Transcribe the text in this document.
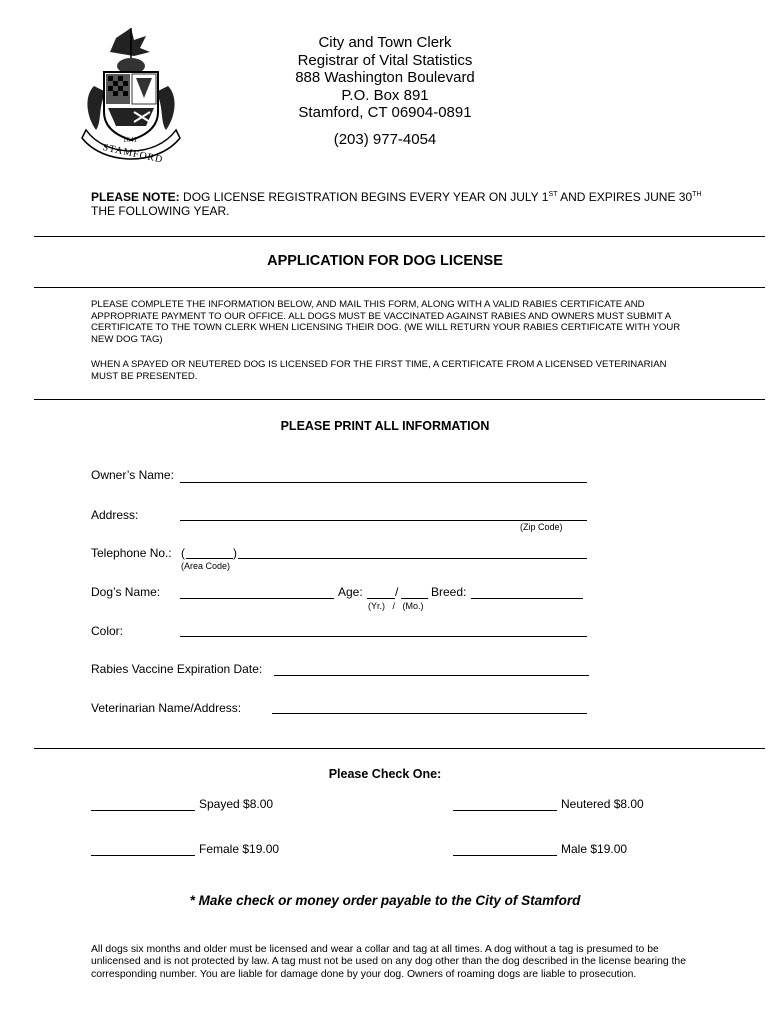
1641
STAMFORD
City and Town Clerk
Registrar of Vital Statistics
888 Washington Boulevard
P.O. Box 891
Stamford, CT 06904-0891
(203) 977-4054
PLEASE NOTE: DOG LICENSE REGISTRATION BEGINS EVERY YEAR ON JULY 1ST AND EXPIRES JUNE 30TH THE FOLLOWING YEAR.
APPLICATION FOR DOG LICENSE
PLEASE COMPLETE THE INFORMATION BELOW, AND MAIL THIS FORM, ALONG WITH A VALID RABIES CERTIFICATE AND APPROPRIATE PAYMENT TO OUR OFFICE. ALL DOGS MUST BE VACCINATED AGAINST RABIES AND OWNERS MUST SUBMIT A CERTIFICATE TO THE TOWN CLERK WHEN LICENSING THEIR DOG. (WE WILL RETURN YOUR RABIES CERTIFICATE WITH YOUR NEW DOG TAG)
WHEN A SPAYED OR NEUTERED DOG IS LICENSED FOR THE FIRST TIME, A CERTIFICATE FROM A LICENSED VETERINARIAN MUST BE PRESENTED.
PLEASE PRINT ALL INFORMATION
Owner’s Name:
Address:
(Zip Code)
Telephone No.: (	)
(Area Code)
Dog’s Name:	Age:	/	Breed:
(Yr.)   /   (Mo.)
Color:
Rabies Vaccine Expiration Date:
Veterinarian Name/Address:
Please Check One:
Spayed $8.00	Neutered $8.00
Female $19.00	Male $19.00
* Make check or money order payable to the City of Stamford
All dogs six months and older must be licensed and wear a collar and tag at all times. A dog without a tag is presumed to be unlicensed and is not protected by law. A tag must not be used on any dog other than the dog described in the license bearing the corresponding number. You are liable for damage done by your dog. Owners of roaming dogs are liable to prosecution.
